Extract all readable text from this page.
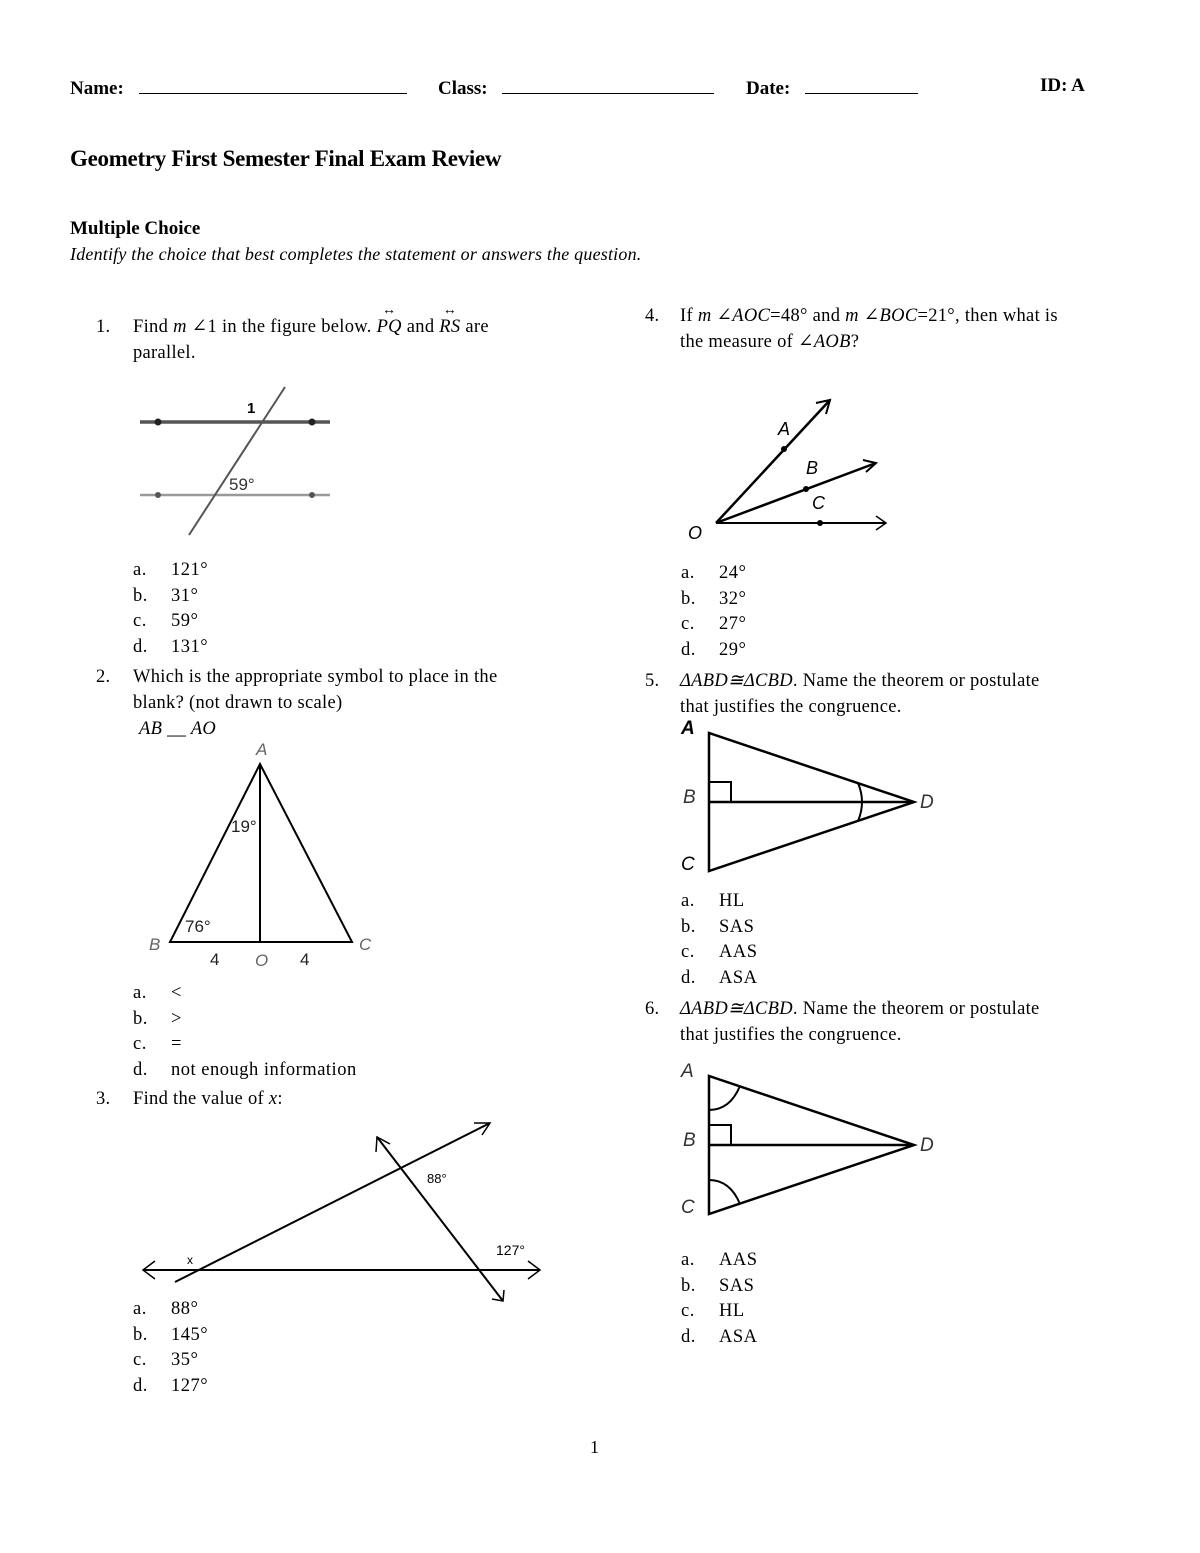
Name:	Class:	Date:	ID: A
Geometry First Semester Final Exam Review
Multiple Choice
Identify the choice that best completes the statement or answers the question.
1. Find m ∠1 in the figure below. ↔ PQ and ↔ RS are
parallel.
1
59°
a.	121°
b.	31°
c.	59°
d.	131°
2. Which is the appropriate symbol to place in the
blank? (not drawn to scale)
AB __ AO
A
B	C
O
19°
76°
4	4
a.	<
b.	>
c.	=
d.	not enough information
3. Find the value of x:
x
88°
127°
a.	88°
b.	145°
c.	35°
d.	127°
4. If m ∠AOC=48° and m ∠BOC=21°, then what is
the measure of ∠AOB?
A
B
C
O
a.	24°
b.	32°
c.	27°
d.	29°
5. ΔABD≅ΔCBD. Name the theorem or postulate
that justifies the congruence.
A
B
C
D
a.	HL
b.	SAS
c.	AAS
d.	ASA
6. ΔABD≅ΔCBD. Name the theorem or postulate
that justifies the congruence.
A
B
C
D
a.	AAS
b.	SAS
c.	HL
d.	ASA
1
